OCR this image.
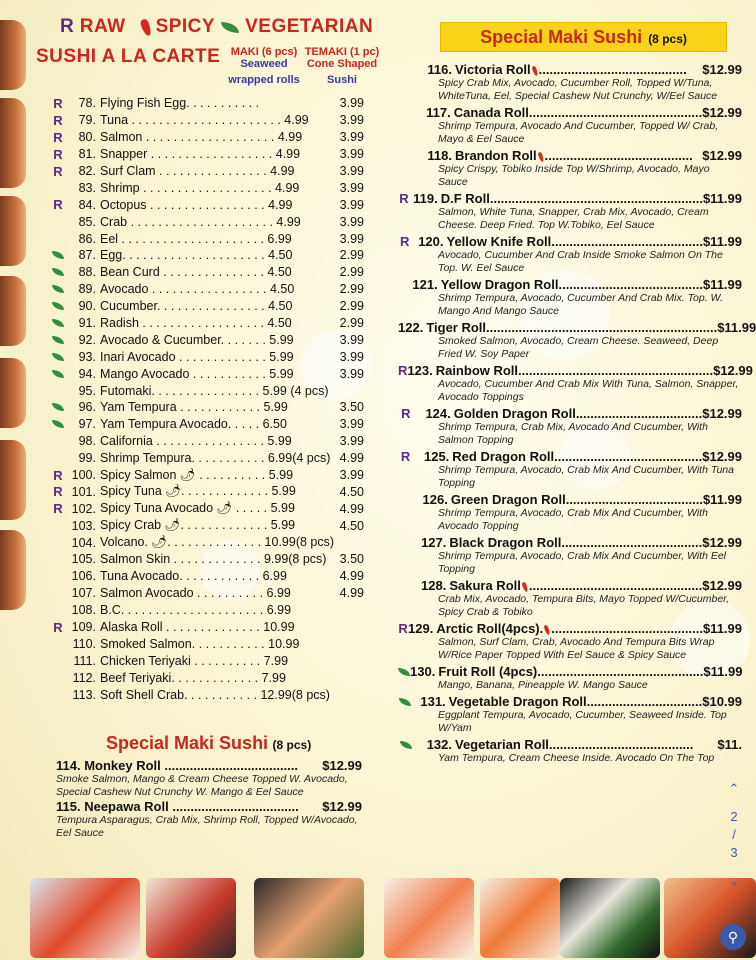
R RAW SPICY VEGETARIAN
SUSHI A LA CARTE MAKI (6 pcs)
Seaweed
wrapped rolls
TEMAKI (1 pc)
Cone Shaped
Sushi
R	78. Flying Fish Egg. . . . . . . . . . .	3.99
R	79. Tuna . . . . . . . . . . . . . . . . . . . . . . 4.99	3.99
R	80. Salmon . . . . . . . . . . . . . . . . . . . 4.99	3.99
R	81. Snapper . . . . . . . . . . . . . . . . . . 4.99	3.99
R	82. Surf Clam . . . . . . . . . . . . . . . . 4.99	3.99
83. Shrimp . . . . . . . . . . . . . . . . . . . 4.99	3.99
R	84. Octopus . . . . . . . . . . . . . . . . . 4.99	3.99
85. Crab . . . . . . . . . . . . . . . . . . . . . 4.99	3.99
86. Eel . . . . . . . . . . . . . . . . . . . . . 6.99	3.99
87. Egg. . . . . . . . . . . . . . . . . . . . . 4.50	2.99
88. Bean Curd . . . . . . . . . . . . . . . 4.50	2.99
89. Avocado . . . . . . . . . . . . . . . . . 4.50	2.99
90. Cucumber. . . . . . . . . . . . . . . . 4.50	2.99
91. Radish . . . . . . . . . . . . . . . . . . 4.50	2.99
92. Avocado & Cucumber. . . . . . . 5.99	3.99
93. Inari Avocado . . . . . . . . . . . . . 5.99	3.99
94. Mango Avocado . . . . . . . . . . . 5.99	3.99
95. Futomaki. . . . . . . . . . . . . . . . 5.99 (4 pcs)
96. Yam Tempura . . . . . . . . . . . . 5.99	3.50
97. Yam Tempura Avocado. . . . . 6.50	3.99
98. California . . . . . . . . . . . . . . . . 5.99	3.99
99. Shrimp Tempura. . . . . . . . . . . 6.99(4 pcs) 4.99
R 100. Spicy Salmon 🌶 . . . . . . . . . . 5.99	3.99
R 101. Spicy Tuna 🌶. . . . . . . . . . . . . 5.99	4.50
R 102. Spicy Tuna Avocado 🌶 . . . . . 5.99	4.99
103. Spicy Crab 🌶. . . . . . . . . . . . . 5.99	4.50
104. Volcano. 🌶. . . . . . . . . . . . . . 10.99(8 pcs)
105. Salmon Skin . . . . . . . . . . . . . 9.99(8 pcs)	3.50
106. Tuna Avocado. . . . . . . . . . . . 6.99	4.99
107. Salmon Avocado . . . . . . . . . . 6.99	4.99
108. B.C. . . . . . . . . . . . . . . . . . . . . 6.99
R 109. Alaska Roll . . . . . . . . . . . . . . 10.99
110. Smoked Salmon. . . . . . . . . . . 10.99
111. Chicken Teriyaki . . . . . . . . . . 7.99
112. Beef Teriyaki. . . . . . . . . . . . . 7.99
113. Soft Shell Crab. . . . . . . . . . . 12.99(8 pcs)
Special Maki Sushi (8 pcs)
114. Monkey Roll .....................................	$12.99
Smoke Salmon, Mango & Cream Cheese Topped W. Avocado, Special Cashew Nut Crunchy W. Mango & Eel Sauce
115. Neepawa Roll ...................................	$12.99
Tempura Asparagus, Crab Mix, Shrimp Roll, Topped W/Avocado, Eel Sauce
Special Maki Sushi (8 pcs)
116. Victoria Roll .........................................	$12.99
Spicy Crab Mix, Avocado, Cucumber Roll, Topped W/Tuna, WhiteTuna, Eel, Special Cashew Nut Crunchy, W/Eel Sauce
117. Canada Roll................................................ $12.99
Shrimp Tempura, Avocado And Cucumber, Topped W/ Crab, Mayo & Eel Sauce
118. Brandon Roll ......................................... $12.99
Spicy Crispy, Tobiko Inside Top W/Shrimp, Avocado, Mayo Sauce
R 119. D.F Roll........................................................... $11.99
Salmon, White Tuna, Snapper, Crab Mix, Avocado, Cream Cheese. Deep Fried. Top W.Tobiko, Eel Sauce
R 120. Yellow Knife Roll.......................................... $11.99
Avocado, Cucumber And Crab Inside Smoke Salmon On The Top. W. Eel Sauce
121. Yellow Dragon Roll........................................ $11.99
Shrimp Tempura, Avocado, Cucumber And Crab Mix. Top. W. Mango And Mango Sauce
122. Tiger Roll................................................................ $11.99
Smoked Salmon, Avocado, Cream Cheese. Seaweed, Deep Fried W. Soy Paper
R 123. Rainbow Roll...................................................... $12.99
Avocado, Cucumber And Crab Mix With Tuna, Salmon, Snapper, Avocado Toppings
R	124. Golden Dragon Roll................................... $12.99
Shrimp Tempura, Crab Mix, Avocado And Cucumber, With Salmon Topping
R	125. Red Dragon Roll......................................... $12.99
Shrimp Tempura, Avocado, Crab Mix And Cucumber, With Tuna Topping
126. Green Dragon Roll...................................... $11.99
Shrimp Tempura, Avocado, Crab Mix And Cucumber, With Avocado Topping
127. Black Dragon Roll....................................... $12.99
Shrimp Tempura, Avocado, Crab Mix And Cucumber, With Eel Topping
128. Sakura Roll ................................................ $12.99
Crab Mix, Avocado, Tempura Bits, Mayo Topped W/Cucumber, Spicy Crab & Tobiko
R 129. Arctic Roll(4pcs). .......................................... $11.99
Salmon, Surf Clam, Crab, Avocado And Tempura Bits Wrap W/Rice Paper Topped With Eel Sauce & Spicy Sauce
130. Fruit Roll (4pcs).............................................. $11.99
Mango, Banana, Pineapple W. Mango Sauce
131. Vegetable Dragon Roll................................ $10.99
Eggplant Tempura, Avocado, Cucumber, Seaweed Inside. Top W/Yam
132. Vegetarian Roll........................................	$11.
Yam Tempura, Cream Cheese Inside. Avocado On The Top
⌃
2
/
3
⌄
⚲
